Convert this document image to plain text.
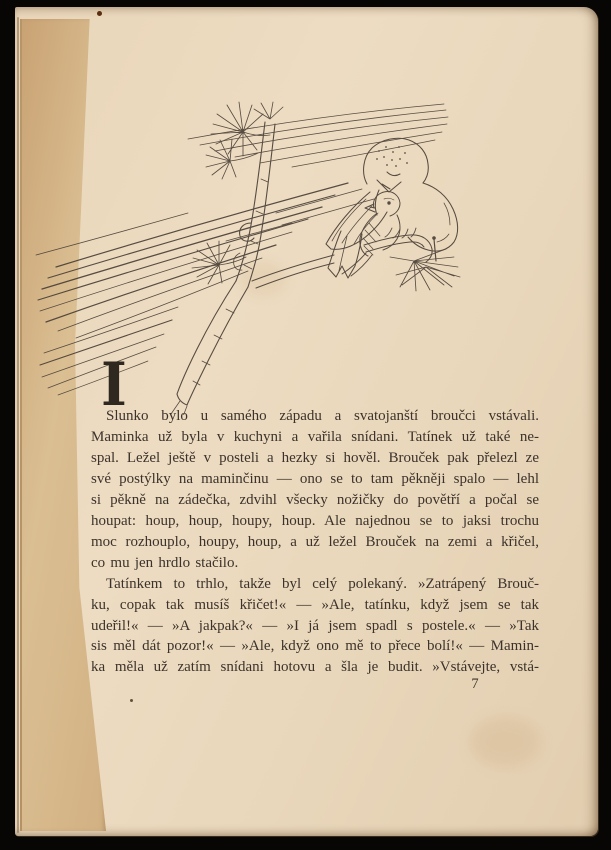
I

Slunko bylo u samého západu a svatojanští broučci vstávali.

Maminka už byla v kuchyni a vařila snídani. Tatínek už také ne-

spal. Ležel ještě v posteli a hezky si hověl. Brouček pak přelezl ze

své postýlky na maminčinu — ono se to tam pěkněji spalo — lehl

si pěkně na zádečka, zdvihl všecky nožičky do povětří a počal se

houpat: houp, houp, houpy, houp. Ale najednou se to jaksi trochu

moc rozhouplo, houpy, houp, a už ležel Brouček na zemi a křičel,

co mu jen hrdlo stačilo.

Tatínkem to trhlo, takže byl celý polekaný. »Zatrápený Brouč-

ku, copak tak musíš křičet!« — »Ale, tatínku, když jsem se tak

udeřil!« — »A jakpak?« — »I já jsem spadl s postele.« — »Tak

sis měl dát pozor!« — »Ale, když ono mě to přece bolí!« — Mamin-

ka měla už zatím snídani hotovu a šla je budit. »Vstávejte, vstá-

7
